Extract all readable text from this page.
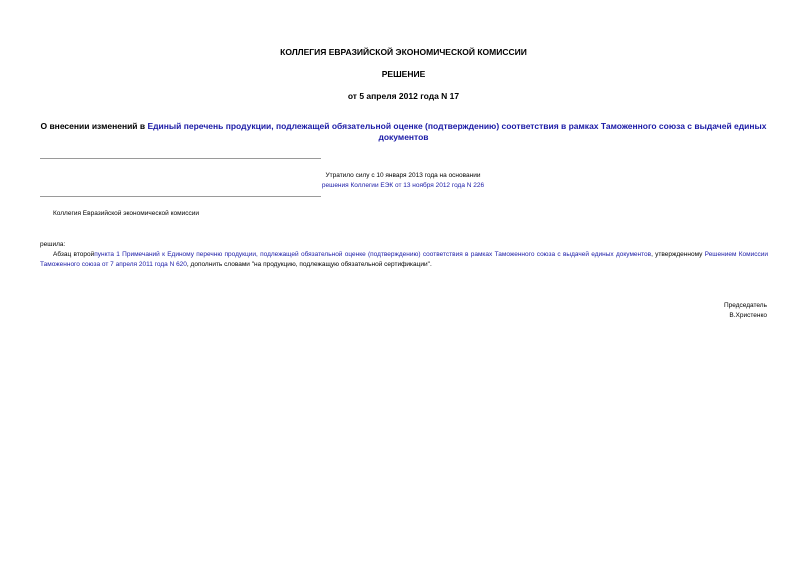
КОЛЛЕГИЯ ЕВРАЗИЙСКОЙ ЭКОНОМИЧЕСКОЙ КОМИССИИ
РЕШЕНИЕ
от 5 апреля 2012 года N 17
О внесении изменений в Единый перечень продукции, подлежащей обязательной оценке (подтверждению) соответствия в рамках Таможенного союза с выдачей единых документов
Утратило силу с 10 января 2013 года на основании
решения Коллегии ЕЭК от 13 ноября 2012 года N 226
Коллегия Евразийской экономической комиссии
решила:
Абзац второйпункта 1 Примечаний к Единому перечню продукции, подлежащей обязательной оценке (подтверждению) соответствия в рамках Таможенного союза с выдачей единых документов, утвержденному Решением Комиссии Таможенного союза от 7 апреля 2011 года N 620, дополнить словами "на продукцию, подлежащую обязательной сертификации".
Председатель
В.Христенко
